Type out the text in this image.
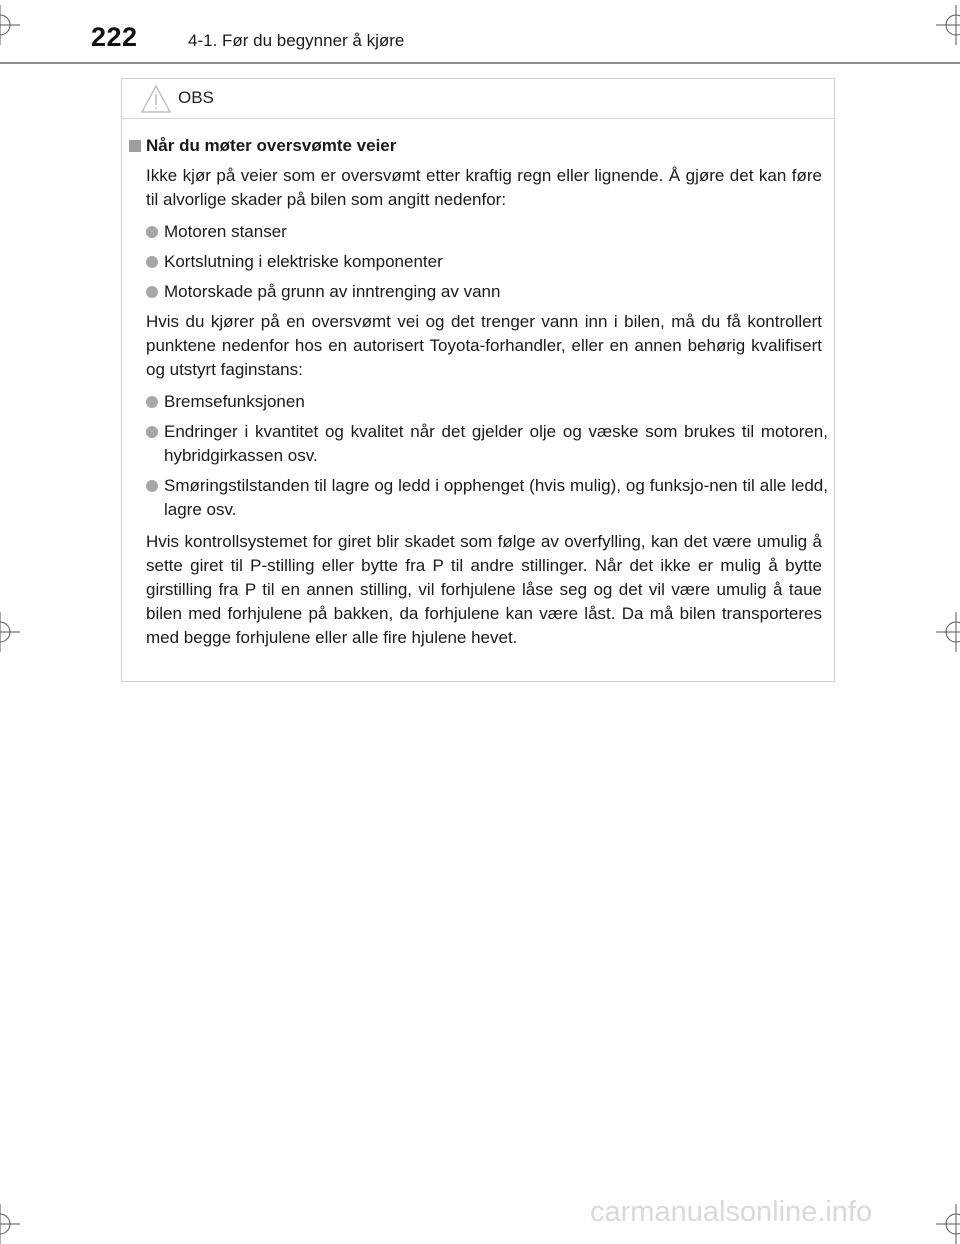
222	4-1. Før du begynner å kjøre
OBS
Når du møter oversvømte veier

Ikke kjør på veier som er oversvømt etter kraftig regn eller lignende. Å gjøre det kan føre til alvorlige skader på bilen som angitt nedenfor:

Motoren stanser
Kortslutning i elektriske komponenter
Motorskade på grunn av inntrenging av vann

Hvis du kjører på en oversvømt vei og det trenger vann inn i bilen, må du få kontrollert punktene nedenfor hos en autorisert Toyota-forhandler, eller en annen behørig kvalifisert og utstyrt faginstans:

Bremsefunksjonen
Endringer i kvantitet og kvalitet når det gjelder olje og væske som brukes til motoren, hybridgirkassen osv.
Smøringstilstanden til lagre og ledd i opphenget (hvis mulig), og funksjo-nen til alle ledd, lagre osv.

Hvis kontrollsystemet for giret blir skadet som følge av overfylling, kan det være umulig å sette giret til P-stilling eller bytte fra P til andre stillinger. Når det ikke er mulig å bytte girstilling fra P til en annen stilling, vil forhjulene låse seg og det vil være umulig å taue bilen med forhjulene på bakken, da forhjulene kan være låst. Da må bilen transporteres med begge forhjulene eller alle fire hjulene hevet.

carmanualsonline.info
